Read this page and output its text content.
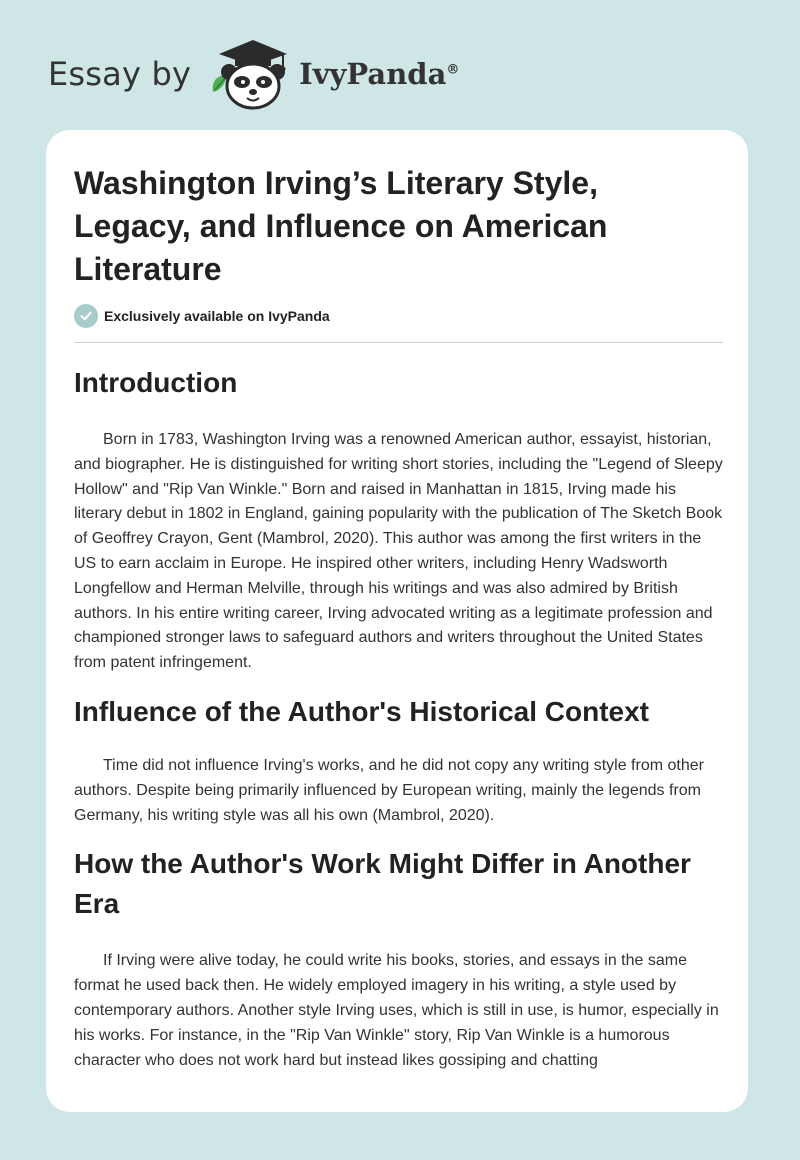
Essay by	IvyPanda®
Washington Irving’s Literary Style, Legacy, and Influence on American Literature
Exclusively available on IvyPanda
Introduction

Born in 1783, Washington Irving was a renowned American author, essayist, historian, and biographer. He is distinguished for writing short stories, including the "Legend of Sleepy Hollow" and "Rip Van Winkle." Born and raised in Manhattan in 1815, Irving made his literary debut in 1802 in England, gaining popularity with the publication of The Sketch Book of Geoffrey Crayon, Gent (Mambrol, 2020). This author was among the first writers in the US to earn acclaim in Europe. He inspired other writers, including Henry Wadsworth Longfellow and Herman Melville, through his writings and was also admired by British authors. In his entire writing career, Irving advocated writing as a legitimate profession and championed stronger laws to safeguard authors and writers throughout the United States from patent infringement.

Influence of the Author's Historical Context

Time did not influence Irving's works, and he did not copy any writing style from other authors. Despite being primarily influenced by European writing, mainly the legends from Germany, his writing style was all his own (Mambrol, 2020).

How the Author's Work Might Differ in Another Era

If Irving were alive today, he could write his books, stories, and essays in the same format he used back then. He widely employed imagery in his writing, a style used by contemporary authors. Another style Irving uses, which is still in use, is humor, especially in his works. For instance, in the "Rip Van Winkle" story, Rip Van Winkle is a humorous character who does not work hard but instead likes gossiping and chatting
